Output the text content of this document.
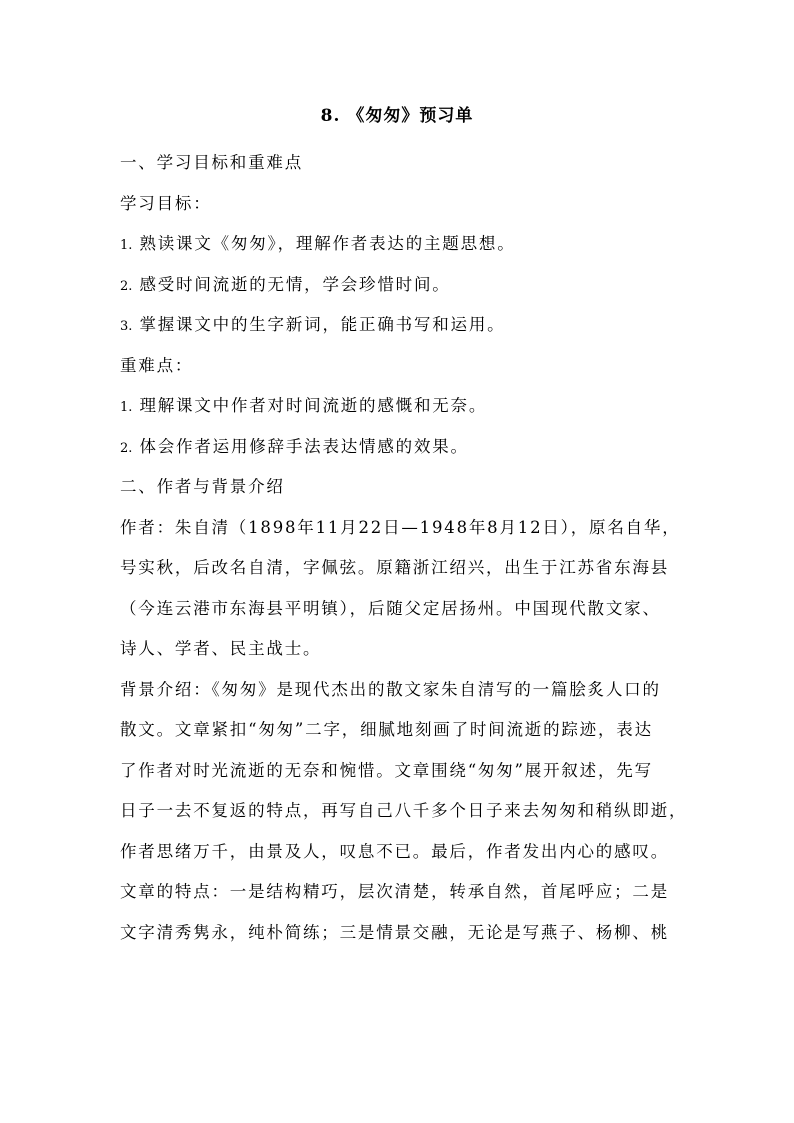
8. 《匆匆》预习单
一、学习目标和重难点
学习目标：
1. 熟读课文《匆匆》，理解作者表达的主题思想。
2. 感受时间流逝的无情，学会珍惜时间。
3. 掌握课文中的生字新词，能正确书写和运用。
重难点：
1. 理解课文中作者对时间流逝的感慨和无奈。
2. 体会作者运用修辞手法表达情感的效果。
二、作者与背景介绍
作者：朱自清（1898年11月22日—1948年8月12日），原名自华，
号实秋，后改名自清，字佩弦。原籍浙江绍兴，出生于江苏省东海县
（今连云港市东海县平明镇），后随父定居扬州。中国现代散文家、
诗人、学者、民主战士。
背景介绍：《匆匆》是现代杰出的散文家朱自清写的一篇脍炙人口的
散文。文章紧扣“匆匆”二字，细腻地刻画了时间流逝的踪迹，表达
了作者对时光流逝的无奈和惋惜。文章围绕“匆匆”展开叙述，先写
日子一去不复返的特点，再写自己八千多个日子来去匆匆和稍纵即逝，
作者思绪万千，由景及人，叹息不已。最后，作者发出内心的感叹。
文章的特点：一是结构精巧，层次清楚，转承自然，首尾呼应；二是
文字清秀隽永，纯朴简练；三是情景交融，无论是写燕子、杨柳、桃
